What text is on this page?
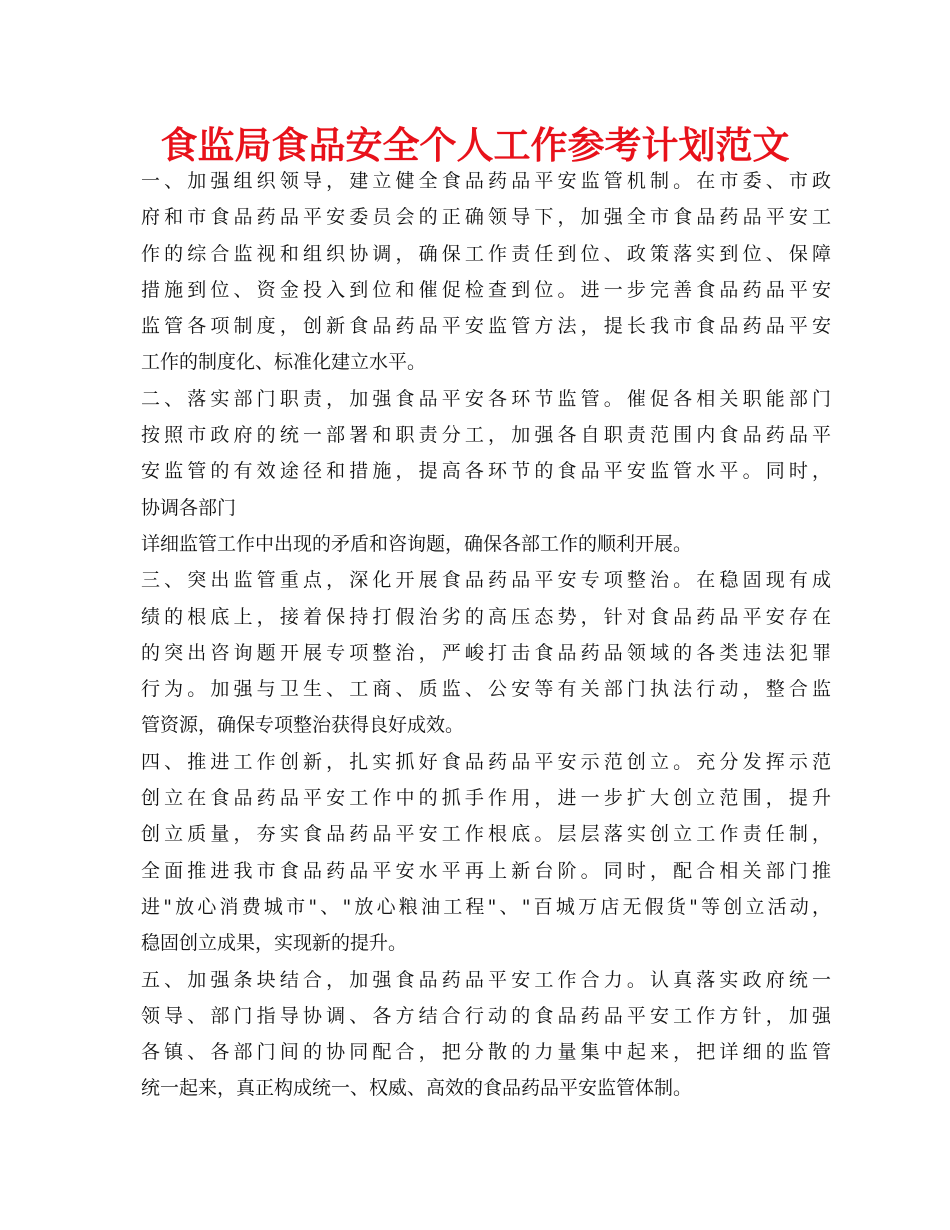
食监局食品安全个人工作参考计划范文
一、加强组织领导，建立健全食品药品平安监管机制。在市委、市政
府和市食品药品平安委员会的正确领导下，加强全市食品药品平安工
作的综合监视和组织协调，确保工作责任到位、政策落实到位、保障
措施到位、资金投入到位和催促检查到位。进一步完善食品药品平安
监管各项制度，创新食品药品平安监管方法，提长我市食品药品平安
工作的制度化、标准化建立水平。
二、落实部门职责，加强食品平安各环节监管。催促各相关职能部门
按照市政府的统一部署和职责分工，加强各自职责范围内食品药品平
安监管的有效途径和措施，提高各环节的食品平安监管水平。同时，
协调各部门
详细监管工作中出现的矛盾和咨询题，确保各部工作的顺利开展。
三、突出监管重点，深化开展食品药品平安专项整治。在稳固现有成
绩的根底上，接着保持打假治劣的高压态势，针对食品药品平安存在
的突出咨询题开展专项整治，严峻打击食品药品领域的各类违法犯罪
行为。加强与卫生、工商、质监、公安等有关部门执法行动，整合监
管资源，确保专项整治获得良好成效。
四、推进工作创新，扎实抓好食品药品平安示范创立。充分发挥示范
创立在食品药品平安工作中的抓手作用，进一步扩大创立范围，提升
创立质量，夯实食品药品平安工作根底。层层落实创立工作责任制，
全面推进我市食品药品平安水平再上新台阶。同时，配合相关部门推
进"放心消费城市"、"放心粮油工程"、"百城万店无假货"等创立活动，
稳固创立成果，实现新的提升。
五、加强条块结合，加强食品药品平安工作合力。认真落实政府统一
领导、部门指导协调、各方结合行动的食品药品平安工作方针，加强
各镇、各部门间的协同配合，把分散的力量集中起来，把详细的监管
统一起来，真正构成统一、权威、高效的食品药品平安监管体制。
